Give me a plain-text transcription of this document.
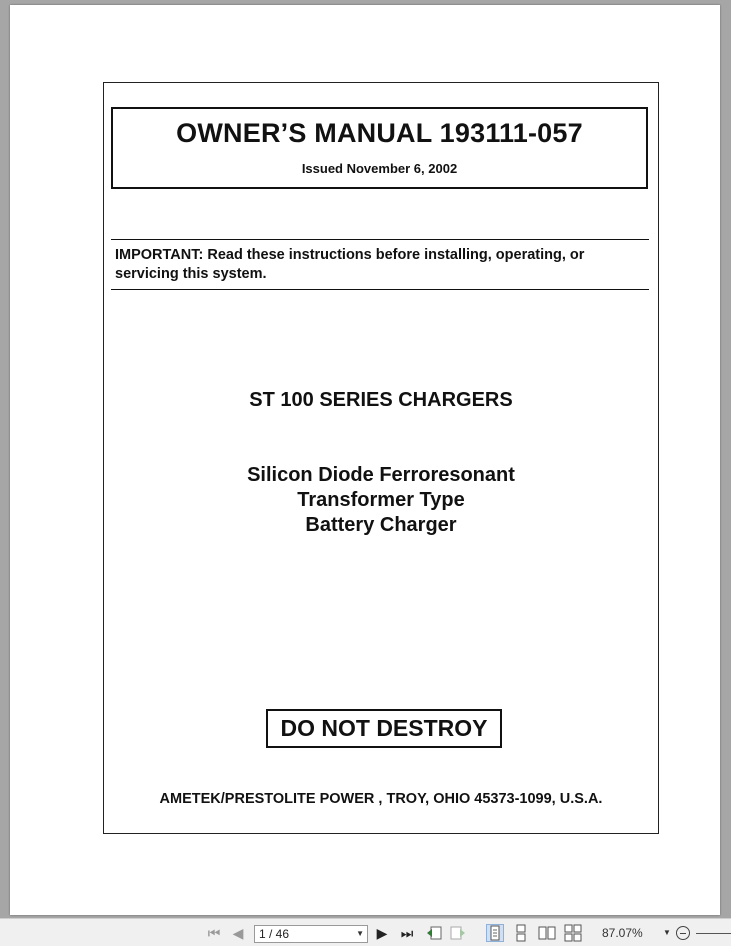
OWNER’S MANUAL 193111-057
Issued November 6, 2002
IMPORTANT: Read these instructions before installing, operating, or servicing this system.
ST 100 SERIES CHARGERS
Silicon Diode Ferroresonant
Transformer Type
Battery Charger
DO NOT DESTROY
AMETEK/PRESTOLITE POWER , TROY, OHIO 45373-1099, U.S.A.
⏮ ◀	1 / 46	▼ ▶ ⏭	87.07%	▼
